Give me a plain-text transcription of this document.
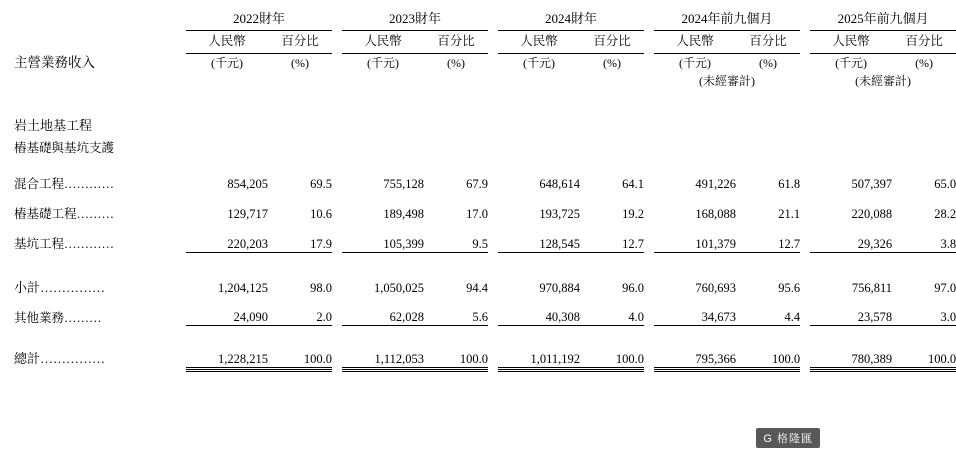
	2022財年			2023財年			2024財年			2024年前九個月			2025年前九個月	

主營業務收入	人民幣	百分比		人民幣	百分比		人民幣	百分比		人民幣	百分比		人民幣	百分比

	(千元)	(%)		(千元)	(%)		(千元)	(%)		(千元)	(%)		(千元)	(%)
										(未經審計)			(未經審計)	

岩土地基工程														
樁基礎與基坑支護														
混合工程…………	854,205	69.5		755,128	67.9		648,614	64.1		491,226	61.8		507,397	65.0
樁基礎工程………	129,717	10.6		189,498	17.0		193,725	19.2		168,088	21.1		220,088	28.2
基坑工程…………	220,203	17.9		105,399	9.5		128,545	12.7		101,379	12.7		29,326	3.8

小計……………	1,204,125	98.0		1,050,025	94.4		970,884	96.0		760,693	95.6		756,811	97.0
其他業務………	24,090	2.0		62,028	5.6		40,308	4.0		34,673	4.4		23,578	3.0

總計……………	1,228,215	100.0		1,112,053	100.0		1,011,192	100.0		795,366	100.0		780,389	100.0

G 格隆匯
